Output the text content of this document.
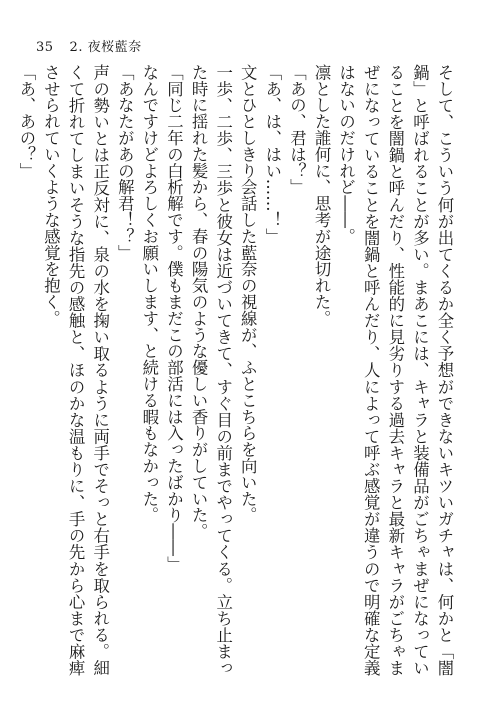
35 2. 夜桜藍奈

そして、こういう何が出てくるか全く予想ができないキツいガチャは、何かと「闇鍋」と呼ばれることが多い。まあこには、キャラと装備品がごちゃまぜになっていることを闇鍋と呼んだり、性能的に見劣りする過去キャラと最新キャラがごちゃまぜになっていることを闇鍋と呼んだり、人によって呼ぶ感覚が違うので明確な定義はないのだけれど――。

凛とした誰何に、思考が途切れた。

「あの、君は？」

「あ、は、はい……！」

文とひとしきり会話した藍奈の視線が、ふとこちらを向いた。

一歩、二歩、三歩と彼女は近づいてきて、すぐ目の前までやってくる。立ち止まった時に揺れた髪から、春の陽気のような優しい香りがしていた。

「同じ二年の白析解です。僕もまだこの部活には入ったばかり――」

なんですけどよろしくお願いします、と続ける暇もなかった。

「あなたがあの解君！？」

声の勢いとは正反対に、泉の水を掬い取るように両手でそっと右手を取られる。細くて折れてしまいそうな指先の感触と、ほのかな温もりに、手の先から心まで麻痺させられていくような感覚を抱く。

「あ、あの？」
